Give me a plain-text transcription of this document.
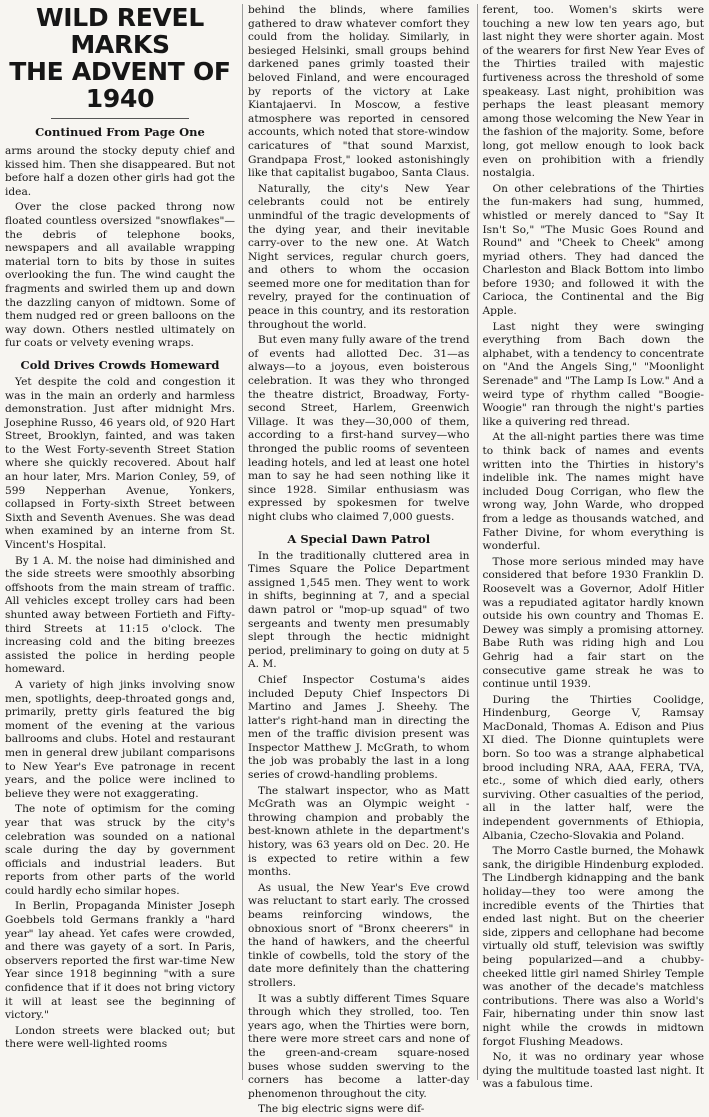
WILD REVEL MARKS
THE ADVENT OF 1940
Continued From Page One

arms around the stocky deputy chief and kissed him. Then she disappeared. But not before half a dozen other girls had got the idea.

Over the close packed throng now floated countless oversized "snowflakes"—the debris of telephone books, newspapers and all available wrapping material torn to bits by those in suites overlooking the fun. The wind caught the fragments and swirled them up and down the dazzling canyon of midtown. Some of them nudged red or green balloons on the way down. Others nestled ultimately on fur coats or velvety evening wraps.

Cold Drives Crowds Homeward

Yet despite the cold and congestion it was in the main an orderly and harmless demonstration. Just after midnight Mrs. Josephine Russo, 46 years old, of 920 Hart Street, Brooklyn, fainted, and was taken to the West Forty-seventh Street Station where she quickly recovered. About half an hour later, Mrs. Marion Conley, 59, of 599 Nepperhan Avenue, Yonkers, collapsed in Forty-sixth Street between Sixth and Seventh Avenues. She was dead when examined by an interne from St. Vincent's Hospital.

By 1 A. M. the noise had diminished and the side streets were smoothly absorbing offshoots from the main stream of traffic. All vehicles except trolley cars had been shunted away between Fortieth and Fifty-third Streets at 11:15 o'clock. The increasing cold and the biting breezes assisted the police in herding people homeward.

A variety of high jinks involving snow men, spotlights, deep-throated gongs and, primarily, pretty girls featured the big moment of the evening at the various ballrooms and clubs. Hotel and restaurant men in general drew jubilant comparisons to New Year's Eve patronage in recent years, and the police were inclined to believe they were not exaggerating.

The note of optimism for the coming year that was struck by the city's celebration was sounded on a national scale during the day by government officials and industrial leaders. But reports from other parts of the world could hardly echo similar hopes.

In Berlin, Propaganda Minister Joseph Goebbels told Germans frankly a "hard year" lay ahead. Yet cafes were crowded, and there was gayety of a sort. In Paris, observers reported the first war-time New Year since 1918 beginning "with a sure confidence that if it does not bring victory it will at least see the beginning of victory."

London streets were blacked out; but there were well-lighted rooms

behind the blinds, where families gathered to draw whatever comfort they could from the holiday. Similarly, in besieged Helsinki, small groups behind darkened panes grimly toasted their beloved Finland, and were encouraged by reports of the victory at Lake Kiantajaervi. In Moscow, a festive atmosphere was reported in censored accounts, which noted that store-window caricatures of "that sound Marxist, Grandpapa Frost," looked astonishingly like that capitalist bugaboo, Santa Claus.

Naturally, the city's New Year celebrants could not be entirely unmindful of the tragic developments of the dying year, and their inevitable carry-over to the new one. At Watch Night services, regular church goers, and others to whom the occasion seemed more one for meditation than for revelry, prayed for the continuation of peace in this country, and its restoration throughout the world.

But even many fully aware of the trend of events had allotted Dec. 31—as always—to a joyous, even boisterous celebration. It was they who thronged the theatre district, Broadway, Forty-second Street, Harlem, Greenwich Village. It was they—30,000 of them, according to a first-hand survey—who thronged the public rooms of seventeen leading hotels, and led at least one hotel man to say he had seen nothing like it since 1928. Similar enthusiasm was expressed by spokesmen for twelve night clubs who claimed 7,000 guests.

A Special Dawn Patrol

In the traditionally cluttered area in Times Square the Police Department assigned 1,545 men. They went to work in shifts, beginning at 7, and a special dawn patrol or "mop-up squad" of two sergeants and twenty men presumably slept through the hectic midnight period, preliminary to going on duty at 5 A. M.

Chief Inspector Costuma's aides included Deputy Chief Inspectors Di Martino and James J. Sheehy. The latter's right-hand man in directing the men of the traffic division present was Inspector Matthew J. McGrath, to whom the job was probably the last in a long series of crowd-handling problems.

The stalwart inspector, who as Matt McGrath was an Olympic weight - throwing champion and probably the best-known athlete in the department's history, was 63 years old on Dec. 20. He is expected to retire within a few months.

As usual, the New Year's Eve crowd was reluctant to start early. The crossed beams reinforcing windows, the obnoxious snort of "Bronx cheerers" in the hand of hawkers, and the cheerful tinkle of cowbells, told the story of the date more definitely than the chattering strollers.

It was a subtly different Times Square through which they strolled, too. Ten years ago, when the Thirties were born, there were more street cars and none of the green-and-cream square-nosed buses whose sudden swerving to the corners has become a latter-day phenomenon throughout the city.

The big electric signs were dif-

ferent, too. Women's skirts were touching a new low ten years ago, but last night they were shorter again. Most of the wearers for first New Year Eves of the Thirties trailed with majestic furtiveness across the threshold of some speakeasy. Last night, prohibition was perhaps the least pleasant memory among those welcoming the New Year in the fashion of the majority. Some, before long, got mellow enough to look back even on prohibition with a friendly nostalgia.

On other celebrations of the Thirties the fun-makers had sung, hummed, whistled or merely danced to "Say It Isn't So," "The Music Goes Round and Round" and "Cheek to Cheek" among myriad others. They had danced the Charleston and Black Bottom into limbo before 1930; and followed it with the Carioca, the Continental and the Big Apple.

Last night they were swinging everything from Bach down the alphabet, with a tendency to concentrate on "And the Angels Sing," "Moonlight Serenade" and "The Lamp Is Low." And a weird type of rhythm called "Boogie-Woogie" ran through the night's parties like a quivering red thread.

At the all-night parties there was time to think back of names and events written into the Thirties in history's indelible ink. The names might have included Doug Corrigan, who flew the wrong way, John Warde, who dropped from a ledge as thousands watched, and Father Divine, for whom everything is wonderful.

Those more serious minded may have considered that before 1930 Franklin D. Roosevelt was a Governor, Adolf Hitler was a repudiated agitator hardly known outside his own country and Thomas E. Dewey was simply a promising attorney. Babe Ruth was riding high and Lou Gehrig had a fair start on the consecutive game streak he was to continue until 1939.

During the Thirties Coolidge, Hindenburg, George V, Ramsay MacDonald, Thomas A. Edison and Pius XI died. The Dionne quintuplets were born. So too was a strange alphabetical brood including NRA, AAA, FERA, TVA, etc., some of which died early, others surviving. Other casualties of the period, all in the latter half, were the independent governments of Ethiopia, Albania, Czecho-Slovakia and Poland.

The Morro Castle burned, the Mohawk sank, the dirigible Hindenburg exploded. The Lindbergh kidnapping and the bank holiday—they too were among the incredible events of the Thirties that ended last night. But on the cheerier side, zippers and cellophane had become virtually old stuff, television was swiftly being popularized—and a chubby-cheeked little girl named Shirley Temple was another of the decade's matchless contributions. There was also a World's Fair, hibernating under thin snow last night while the crowds in midtown forgot Flushing Meadows.

No, it was no ordinary year whose dying the multitude toasted last night. It was a fabulous time.
